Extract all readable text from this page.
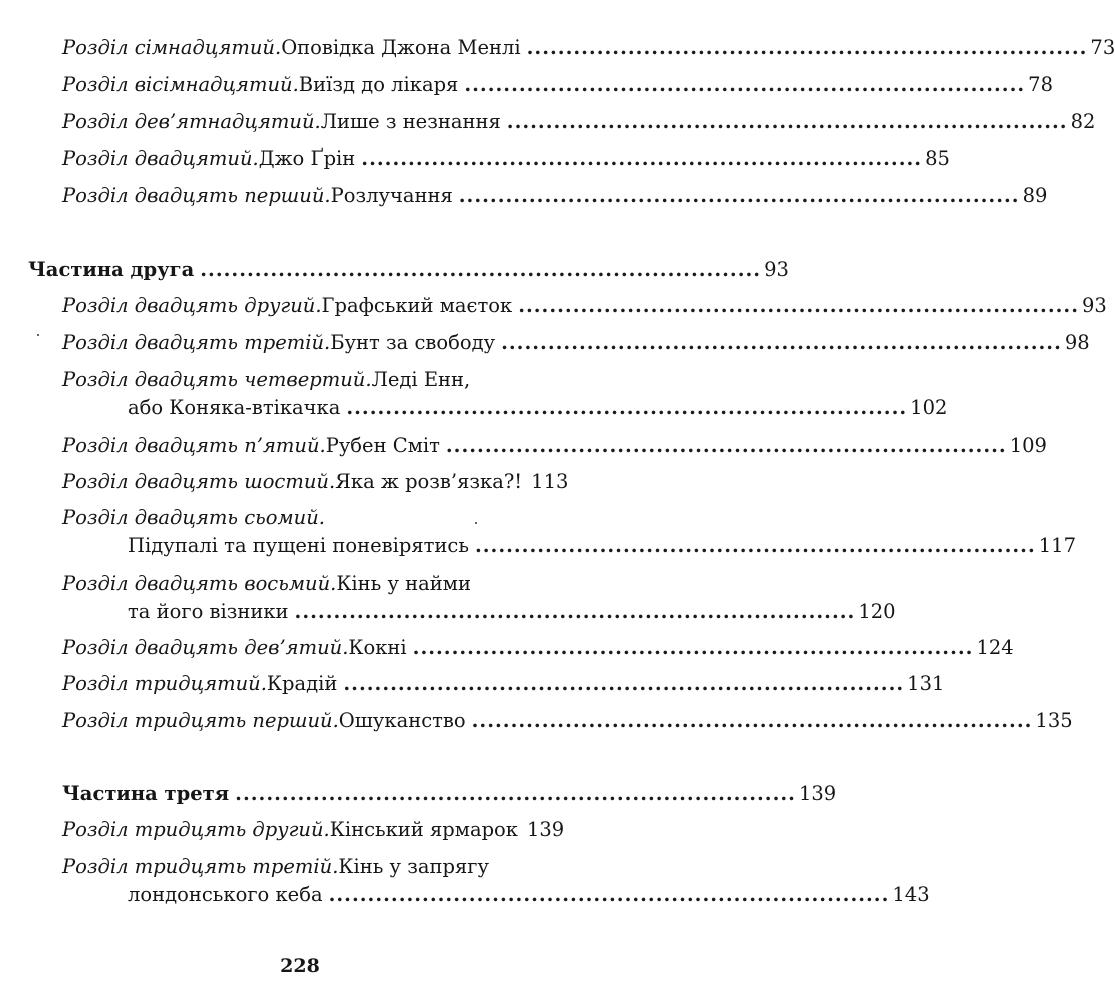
Розділ сімнадцятий. Оповідка Джона Менлі ........................................................................ 73
Розділ вісімнадцятий. Виїзд до лікаря ........................................................................ 78
Розділ дев’ятнадцятий. Лише з незнання ........................................................................ 82
Розділ двадцятий. Джо Ґрін ........................................................................ 85
Розділ двадцять перший. Розлучання ........................................................................ 89
Частина друга ........................................................................ 93
Розділ двадцять другий. Графський маєток ........................................................................ 93
Розділ двадцять третій. Бунт за свободу ........................................................................ 98
Розділ двадцять четвертий. Леді Енн,
або Коняка-втікачка ........................................................................ 102
Розділ двадцять п’ятий. Рубен Сміт ........................................................................ 109
Розділ двадцять шостий. Яка ж розв’язка?! 113
Розділ двадцять сьомий.
Підупалі та пущені поневірятись ........................................................................ 117
Розділ двадцять восьмий. Кінь у найми
та його візники ........................................................................ 120
Розділ двадцять дев’ятий. Кокні ........................................................................ 124
Розділ тридцятий. Крадій ........................................................................ 131
Розділ тридцять перший. Ошуканство ........................................................................ 135
Частина третя ........................................................................ 139
Розділ тридцять другий. Кінський ярмарок 139
Розділ тридцять третій. Кінь у запрягу
лондонського кеба ........................................................................ 143
228
